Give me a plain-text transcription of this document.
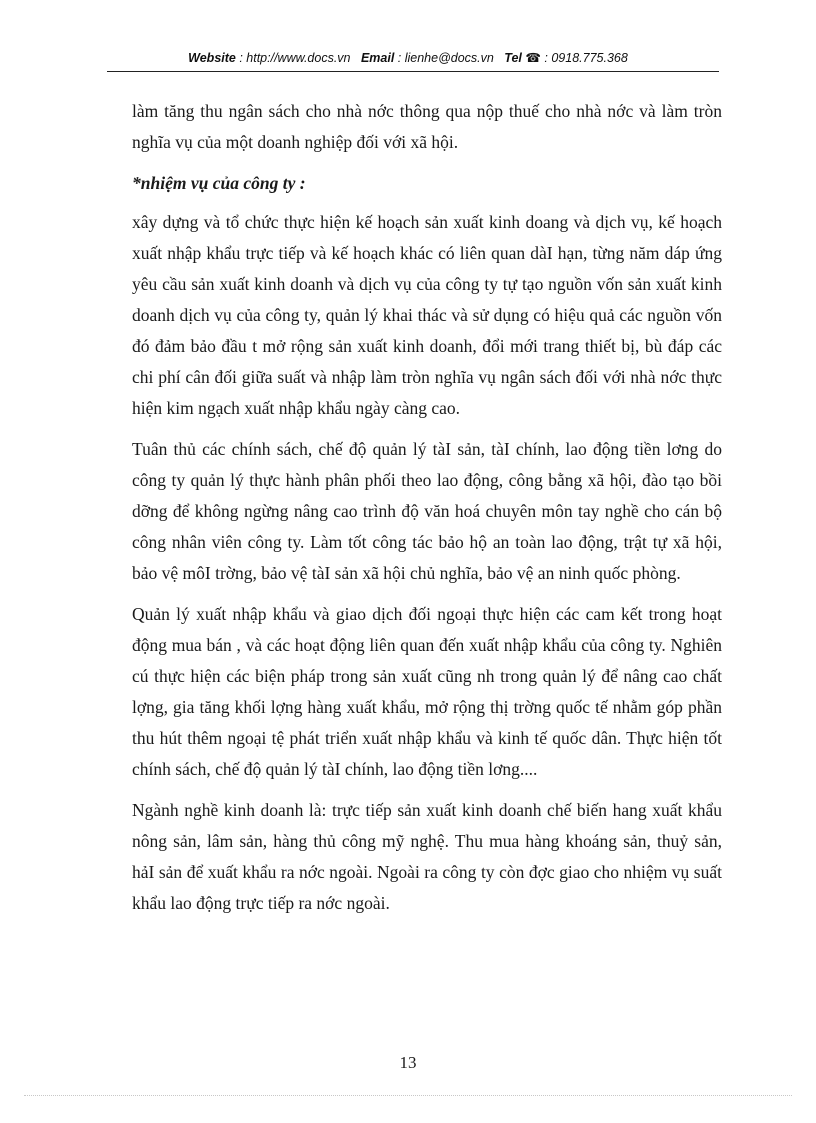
Website : http://www.docs.vn Email : lienhe@docs.vn Tel ☎ : 0918.775.368

làm tăng thu ngân sách cho nhà nớc thông qua nộp thuế cho nhà nớc và làm tròn nghĩa vụ của một doanh nghiệp đối với xã hội.

*nhiệm vụ của công ty :

xây dựng và tổ chức thực hiện kế hoạch sản xuất kinh doang và dịch vụ, kế hoạch xuất nhập khẩu trực tiếp và kế hoạch khác có liên quan dàI hạn, từng năm dáp ứng yêu cầu sản xuất kinh doanh và dịch vụ của công ty tự tạo nguồn vốn sản xuất kinh doanh dịch vụ của công ty, quản lý khai thác và sử dụng có hiệu quả các nguồn vốn đó đảm bảo đầu t mở rộng sản xuất kinh doanh, đổi mới trang thiết bị, bù đáp các chi phí cân đối giữa suất và nhập làm tròn nghĩa vụ ngân sách đối với nhà nớc thực hiện kim ngạch xuất nhập khẩu ngày càng cao.

Tuân thủ các chính sách, chế độ quản lý tàI sản, tàI chính, lao động tiền lơng do công ty quản lý thực hành phân phối theo lao động, công bằng xã hội, đào tạo bồi dỡng để không ngừng nâng cao trình độ văn hoá chuyên môn tay nghề cho cán bộ công nhân viên công ty. Làm tốt công tác bảo hộ an toàn lao động, trật tự xã hội, bảo vệ môI trờng, bảo vệ tàI sản xã hội chủ nghĩa, bảo vệ an ninh quốc phòng.

Quản lý xuất nhập khẩu và giao dịch đối ngoại thực hiện các cam kết trong hoạt động mua bán , và các hoạt động liên quan đến xuất nhập khẩu của công ty. Nghiên cú thực hiện các biện pháp trong sản xuất cũng nh trong quản lý để nâng cao chất lợng, gia tăng khối lợng hàng xuất khẩu, mở rộng thị trờng quốc tế nhằm góp phần thu hút thêm ngoại tệ phát triển xuất nhập khẩu và kinh tế quốc dân. Thực hiện tốt chính sách, chế độ quản lý tàI chính, lao động tiền lơng....

Ngành nghề kinh doanh là: trực tiếp sản xuất kinh doanh chế biến hang xuất khẩu nông sản, lâm sản, hàng thủ công mỹ nghệ. Thu mua hàng khoáng sản, thuỷ sản, hảI sản để xuất khẩu ra nớc ngoài. Ngoài ra công ty còn đợc giao cho nhiệm vụ suất khẩu lao động trực tiếp ra nớc ngoài.

13
